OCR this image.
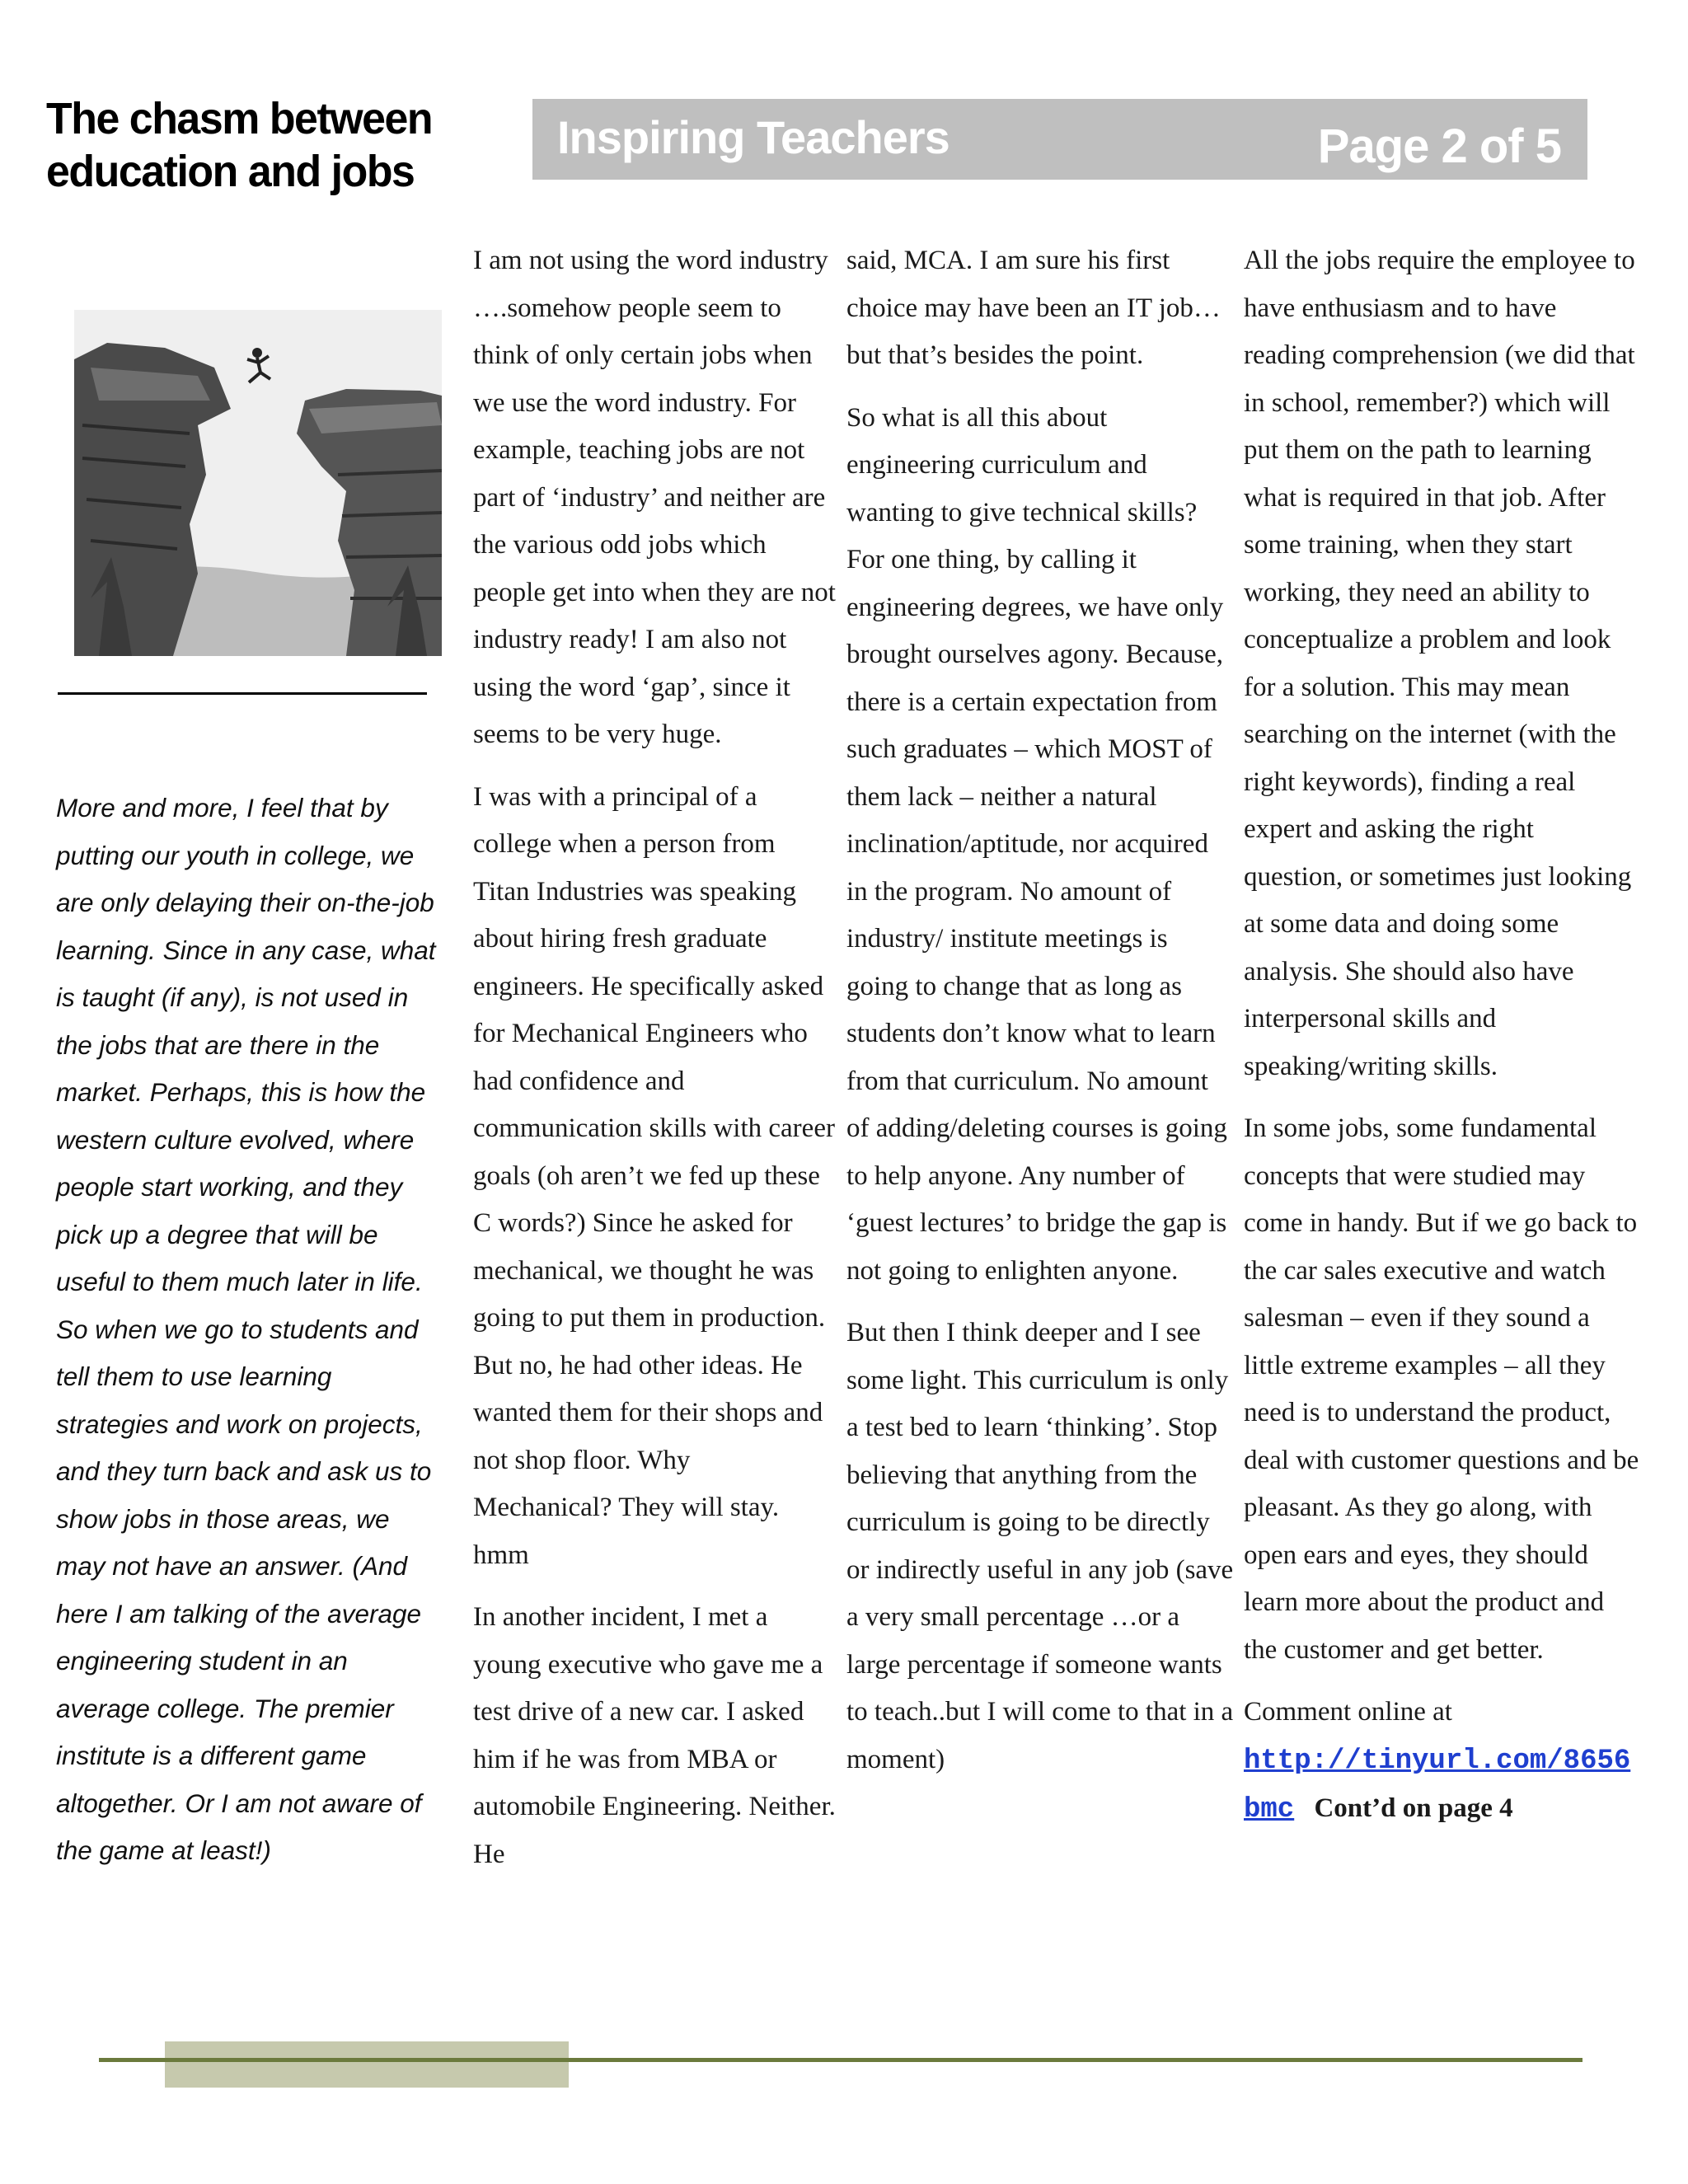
The chasm between
education and jobs
Inspiring Teachers	Page 2 of 5
More and more, I feel that by putting our youth in college, we are only delaying their on-the-job learning. Since in any case, what is taught (if any), is not used in the jobs that are there in the market. Perhaps, this is how the western culture evolved, where people start working, and they pick up a degree that will be useful to them much later in life. So when we go to students and tell them to use learning strategies and work on projects, and they turn back and ask us to show jobs in those areas, we may not have an answer. (And here I am talking of the average engineering student in an average college. The premier institute is a different game altogether. Or I am not aware of the game at least!)

I am not using the word industry ….somehow people seem to think of only certain jobs when we use the word industry. For example, teaching jobs are not part of ‘industry’ and neither are the various odd jobs which people get into when they are not industry ready! I am also not using the word ‘gap’, since it seems to be very huge.

I was with a principal of a college when a person from Titan Industries was speaking about hiring fresh graduate engineers. He specifically asked for Mechanical Engineers who had confidence and communication skills with career goals (oh aren’t we fed up these C words?) Since he asked for mechanical, we thought he was going to put them in production. But no, he had other ideas. He wanted them for their shops and not shop floor. Why Mechanical? They will stay. hmm

In another incident, I met a young executive who gave me a test drive of a new car. I asked him if he was from MBA or automobile Engineering. Neither. He

said, MCA. I am sure his first choice may have been an IT job…but that’s besides the point.

So what is all this about engineering curriculum and wanting to give technical skills? For one thing, by calling it engineering degrees, we have only brought ourselves agony. Because, there is a certain expectation from such graduates – which MOST of them lack – neither a natural inclination/aptitude, nor acquired in the program. No amount of industry/ institute meetings is going to change that as long as students don’t know what to learn from that curriculum. No amount of adding/deleting courses is going to help anyone. Any number of ‘guest lectures’ to bridge the gap is not going to enlighten anyone.

But then I think deeper and I see some light. This curriculum is only a test bed to learn ‘thinking’. Stop believing that anything from the curriculum is going to be directly or indirectly useful in any job (save a very small percentage …or a large percentage if someone wants to teach..but I will come to that in a moment)

All the jobs require the employee to have enthusiasm and to have reading comprehension (we did that in school, remember?) which will put them on the path to learning what is required in that job. After some training, when they start working, they need an ability to conceptualize a problem and look for a solution. This may mean searching on the internet (with the right keywords), finding a real expert and asking the right question, or sometimes just looking at some data and doing some analysis. She should also have interpersonal skills and speaking/writing skills.

In some jobs, some fundamental concepts that were studied may come in handy. But if we go back to the car sales executive and watch salesman – even if they sound a little extreme examples – all they need is to understand the product, deal with customer questions and be pleasant. As they go along, with open ears and eyes, they should learn more about the product and the customer and get better.

Comment online at

http://tinyurl.com/8656bmc Cont’d on page 4
